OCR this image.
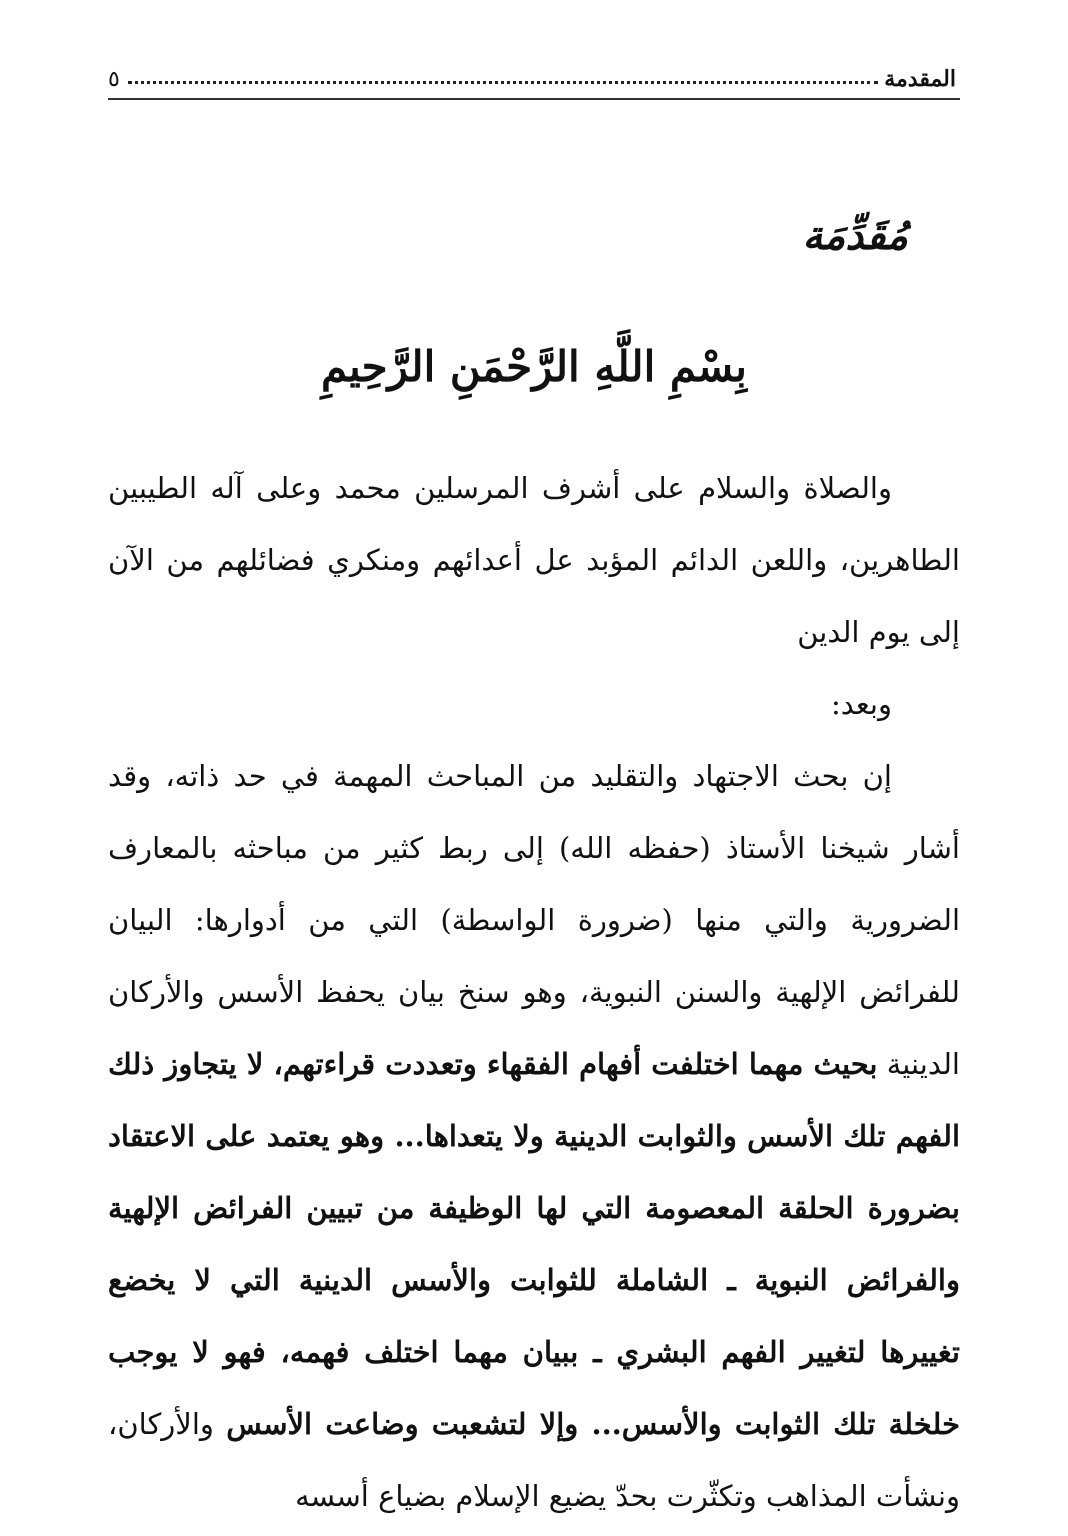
المقدمة
٥
مُقَدِّمَة
بِسْمِ اللَّهِ الرَّحْمَنِ الرَّحِيمِ

والصلاة والسلام على أشرف المرسلين محمد وعلى آله الطيبين الطاهرين، واللعن الدائم المؤبد عل أعدائهم ومنكري فضائلهم من الآن إلى يوم الدين

وبعد:

إن بحث الاجتهاد والتقليد من المباحث المهمة في حد ذاته، وقد أشار شيخنا الأستاذ (حفظه الله) إلى ربط كثير من مباحثه بالمعارف الضرورية والتي منها (ضرورة الواسطة) التي من أدوارها: البيان للفرائض الإلهية والسنن النبوية، وهو سنخ بيان يحفظ الأسس والأركان الدينية بحيث مهما اختلفت أفهام الفقهاء وتعددت قراءتهم، لا يتجاوز ذلك الفهم تلك الأسس والثوابت الدينية ولا يتعداها... وهو يعتمد على الاعتقاد بضرورة الحلقة المعصومة التي لها الوظيفة من تبيين الفرائض الإلهية والفرائض النبوية ـ الشاملة للثوابت والأسس الدينية التي لا يخضع تغييرها لتغيير الفهم البشري ـ ببيان مهما اختلف فهمه، فهو لا يوجب خلخلة تلك الثوابت والأسس... وإلا لتشعبت وضاعت الأسس والأركان، ونشأت المذاهب وتكثّرت بحدّ يضيع الإسلام بضياع أسسه
